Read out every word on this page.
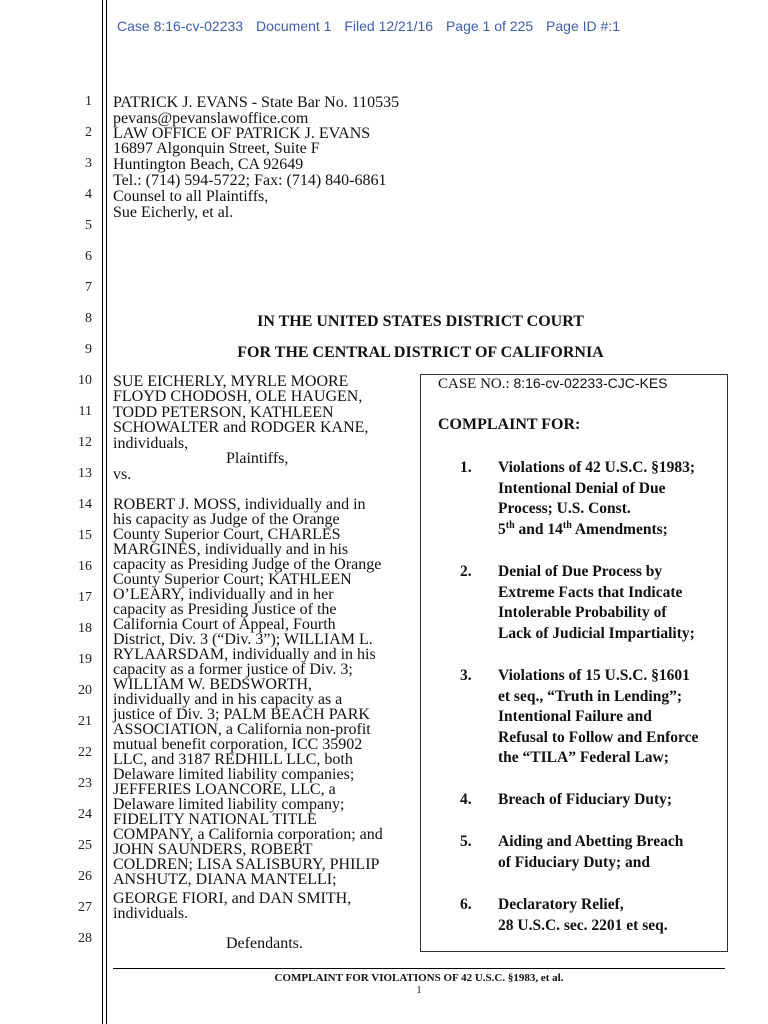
Case 8:16-cv-02233 Document 1 Filed 12/21/16 Page 1 of 225 Page ID #:1
1
2
3
4
5
6
7
8
9
10
11
12
13
14
15
16
17
18
19
20
21
22
23
24
25
26
27
28
PATRICK J. EVANS - State Bar No. 110535
pevans@pevanslawoffice.com
LAW OFFICE OF PATRICK J. EVANS
16897 Algonquin Street, Suite F
Huntington Beach, CA 92649
Tel.: (714) 594-5722; Fax: (714) 840-6861
Counsel to all Plaintiffs,
Sue Eicherly, et al.
IN THE UNITED STATES DISTRICT COURT
FOR THE CENTRAL DISTRICT OF CALIFORNIA
SUE EICHERLY, MYRLE MOORE
FLOYD CHODOSH, OLE HAUGEN,
TODD PETERSON, KATHLEEN
SCHOWALTER and RODGER KANE,
individuals,
Plaintiffs,
vs.
ROBERT J. MOSS, individually and in
his capacity as Judge of the Orange
County Superior Court, CHARLES
MARGINES, individually and in his
capacity as Presiding Judge of the Orange
County Superior Court; KATHLEEN
O’LEARY, individually and in her
capacity as Presiding Justice of the
California Court of Appeal, Fourth
District, Div. 3 (“Div. 3”); WILLIAM L.
RYLAARSDAM, individually and in his
capacity as a former justice of Div. 3;
WILLIAM W. BEDSWORTH,
individually and in his capacity as a
justice of Div. 3; PALM BEACH PARK
ASSOCIATION, a California non-profit
mutual benefit corporation, ICC 35902
LLC, and 3187 REDHILL LLC, both
Delaware limited liability companies;
JEFFERIES LOANCORE, LLC, a
Delaware limited liability company;
FIDELITY NATIONAL TITLE
COMPANY, a California corporation; and
JOHN SAUNDERS, ROBERT
COLDREN; LISA SALISBURY, PHILIP
ANSHUTZ, DIANA MANTELLI;
GEORGE FIORI, and DAN SMITH,
individuals.
Defendants.
CASE NO.: 8:16-cv-02233-CJC-KES
COMPLAINT FOR:
1. Violations of 42 U.S.C. §1983;
Intentional Denial of Due
Process; U.S. Const.
5th and 14th Amendments;
2. Denial of Due Process by
Extreme Facts that Indicate
Intolerable Probability of
Lack of Judicial Impartiality;
3. Violations of 15 U.S.C. §1601
et seq., “Truth in Lending”;
Intentional Failure and
Refusal to Follow and Enforce
the “TILA” Federal Law;
4. Breach of Fiduciary Duty;
5. Aiding and Abetting Breach
of Fiduciary Duty; and
6. Declaratory Relief,
28 U.S.C. sec. 2201 et seq.
COMPLAINT FOR VIOLATIONS OF 42 U.S.C. §1983, et al.
1
